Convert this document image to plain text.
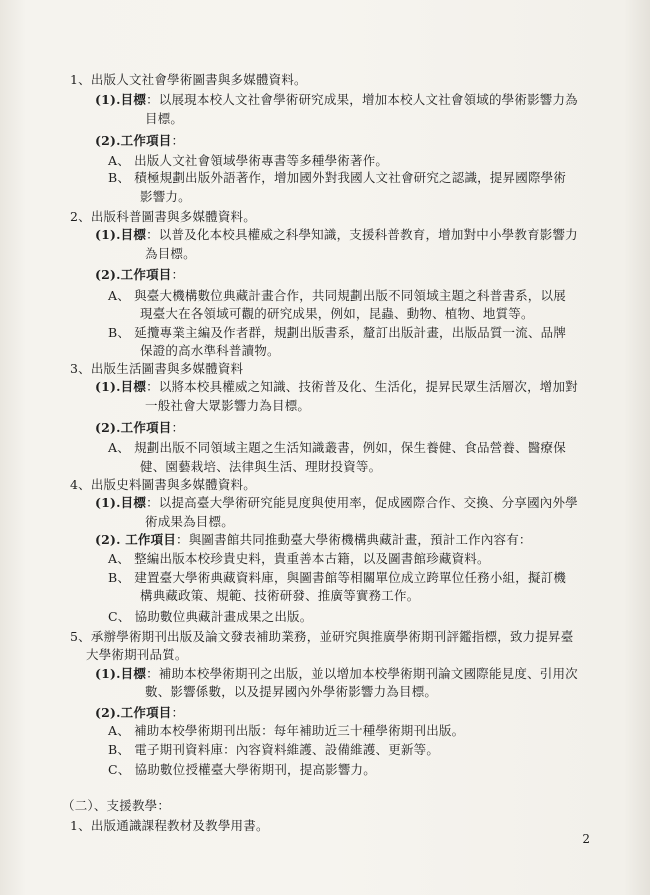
1、出版人文社會學術圖書與多媒體資料。
(1).目標：以展現本校人文社會學術研究成果，增加本校人文社會領域的學術影響力為
目標。
(2).工作項目：
A、 出版人文社會領域學術專書等多種學術著作。
B、 積極規劃出版外語著作，增加國外對我國人文社會研究之認識，提昇國際學術
影響力。
2、出版科普圖書與多媒體資料。
(1).目標：以普及化本校具權威之科學知識，支援科普教育，增加對中小學教育影響力
為目標。
(2).工作項目：
A、 與臺大機構數位典藏計畫合作，共同規劃出版不同領域主題之科普書系，以展
現臺大在各領域可觀的研究成果，例如，昆蟲、動物、植物、地質等。
B、 延攬專業主編及作者群，規劃出版書系，釐訂出版計畫，出版品質一流、品牌
保證的高水準科普讀物。
3、出版生活圖書與多媒體資料
(1).目標：以將本校具權威之知識、技術普及化、生活化，提昇民眾生活層次，增加對
一般社會大眾影響力為目標。
(2).工作項目：
A、 規劃出版不同領域主題之生活知識叢書，例如，保生養健、食品營養、醫療保
健、園藝栽培、法律與生活、理財投資等。
4、出版史料圖書與多媒體資料。
(1).目標：以提高臺大學術研究能見度與使用率，促成國際合作、交換、分享國內外學
術成果為目標。
(2). 工作項目：與圖書館共同推動臺大學術機構典藏計畫，預計工作內容有：
A、 整編出版本校珍貴史料，貴重善本古籍，以及圖書館珍藏資料。
B、 建置臺大學術典藏資料庫，與圖書館等相關單位成立跨單位任務小組，擬訂機
構典藏政策、規範、技術研發、推廣等實務工作。
C、 協助數位典藏計畫成果之出版。
5、承辦學術期刊出版及論文發表補助業務，並研究與推廣學術期刊評鑑指標，致力提昇臺
大學術期刊品質。
(1).目標：補助本校學術期刊之出版，並以增加本校學術期刊論文國際能見度、引用次
數、影響係數，以及提昇國內外學術影響力為目標。
(2).工作項目：
A、 補助本校學術期刊出版：每年補助近三十種學術期刊出版。
B、 電子期刊資料庫：內容資料維護、設備維護、更新等。
C、 協助數位授權臺大學術期刊，提高影響力。
（二）、支援教學：
1、出版通識課程教材及教學用書。
2
